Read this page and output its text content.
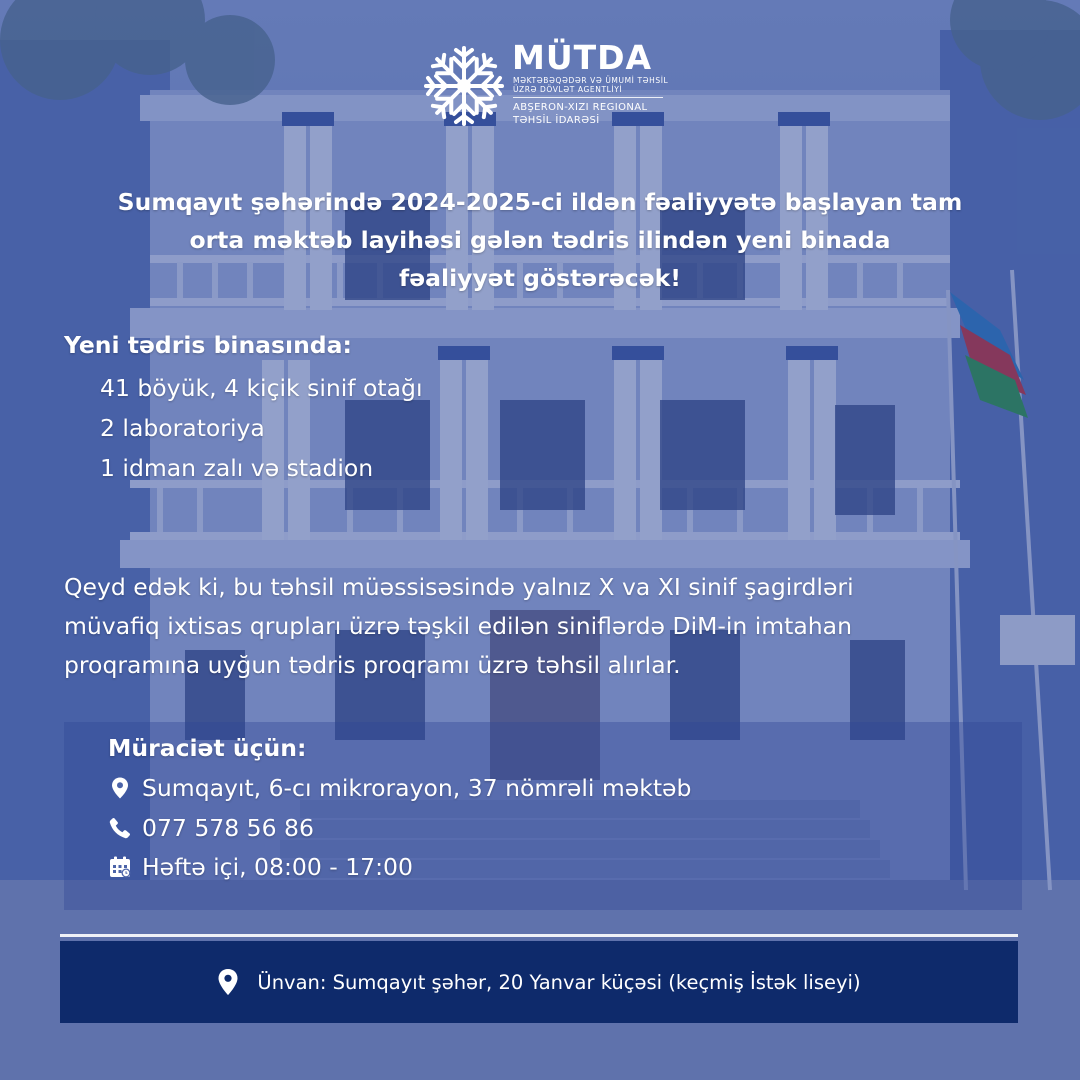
MÜTDA
MƏKTƏBƏQƏDƏR VƏ ÜMUMİ TƏHSİL ÜZRƏ DÖVLƏT AGENTLİYİ
ABŞERON-XIZI REGIONAL TƏHSİL İDARƏSİ
Sumqayıt şəhərində 2024-2025-ci ildən fəaliyyətə başlayan tam
orta məktəb layihəsi gələn tədris ilindən yeni binada
fəaliyyət göstərəcək!
Yeni tədris binasında:
41 böyük, 4 kiçik sinif otağı
2 laboratoriya
1 idman zalı və stadion
Qeyd edək ki, bu təhsil müəssisəsində yalnız X va XI sinif şagirdləri
müvafiq ixtisas qrupları üzrə təşkil edilən siniflərdə DiM-in imtahan
proqramına uyğun tədris proqramı üzrə təhsil alırlar.
Müraciət üçün:
Sumqayıt, 6-cı mikrorayon, 37 nömrəli məktəb
077 578 56 86
Həftə içi, 08:00 - 17:00
Ünvan: Sumqayıt şəhər, 20 Yanvar küçəsi (keçmiş İstək liseyi)
